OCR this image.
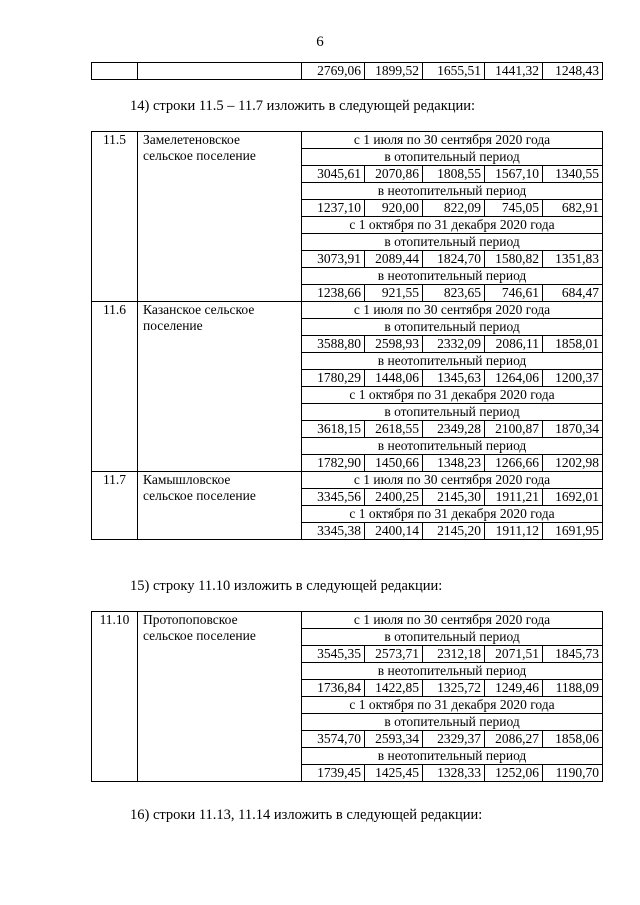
6
		2769,06	1899,52	1655,51	1441,32	1248,43
14) строки 11.5 – 11.7 изложить в следующей редакции:
11.5	Замелетеновское
сельское поселение	с 1 июля по 30 сентября 2020 года				
		в отопительный период				
		3045,61	2070,86	1808,55	1567,10	1340,55
		в неотопительный период				
		1237,10	920,00	822,09	745,05	682,91
		с 1 октября по 31 декабря 2020 года				
		в отопительный период				
		3073,91	2089,44	1824,70	1580,82	1351,83
		в неотопительный период				
		1238,66	921,55	823,65	746,61	684,47
11.6	Казанское сельское
поселение	с 1 июля по 30 сентября 2020 года				
		в отопительный период				
		3588,80	2598,93	2332,09	2086,11	1858,01
		в неотопительный период				
		1780,29	1448,06	1345,63	1264,06	1200,37
		с 1 октября по 31 декабря 2020 года				
		в отопительный период				
		3618,15	2618,55	2349,28	2100,87	1870,34
		в неотопительный период				
		1782,90	1450,66	1348,23	1266,66	1202,98
11.7	Камышловское
сельское поселение	с 1 июля по 30 сентября 2020 года				
		3345,56	2400,25	2145,30	1911,21	1692,01
		с 1 октября по 31 декабря 2020 года				
		3345,38	2400,14	2145,20	1911,12	1691,95
15) строку 11.10 изложить в следующей редакции:
11.10	Протопоповское
сельское поселение	с 1 июля по 30 сентября 2020 года				
		в отопительный период				
		3545,35	2573,71	2312,18	2071,51	1845,73
		в неотопительный период				
		1736,84	1422,85	1325,72	1249,46	1188,09
		с 1 октября по 31 декабря 2020 года				
		в отопительный период				
		3574,70	2593,34	2329,37	2086,27	1858,06
		в неотопительный период				
		1739,45	1425,45	1328,33	1252,06	1190,70
16) строки 11.13, 11.14 изложить в следующей редакции:
